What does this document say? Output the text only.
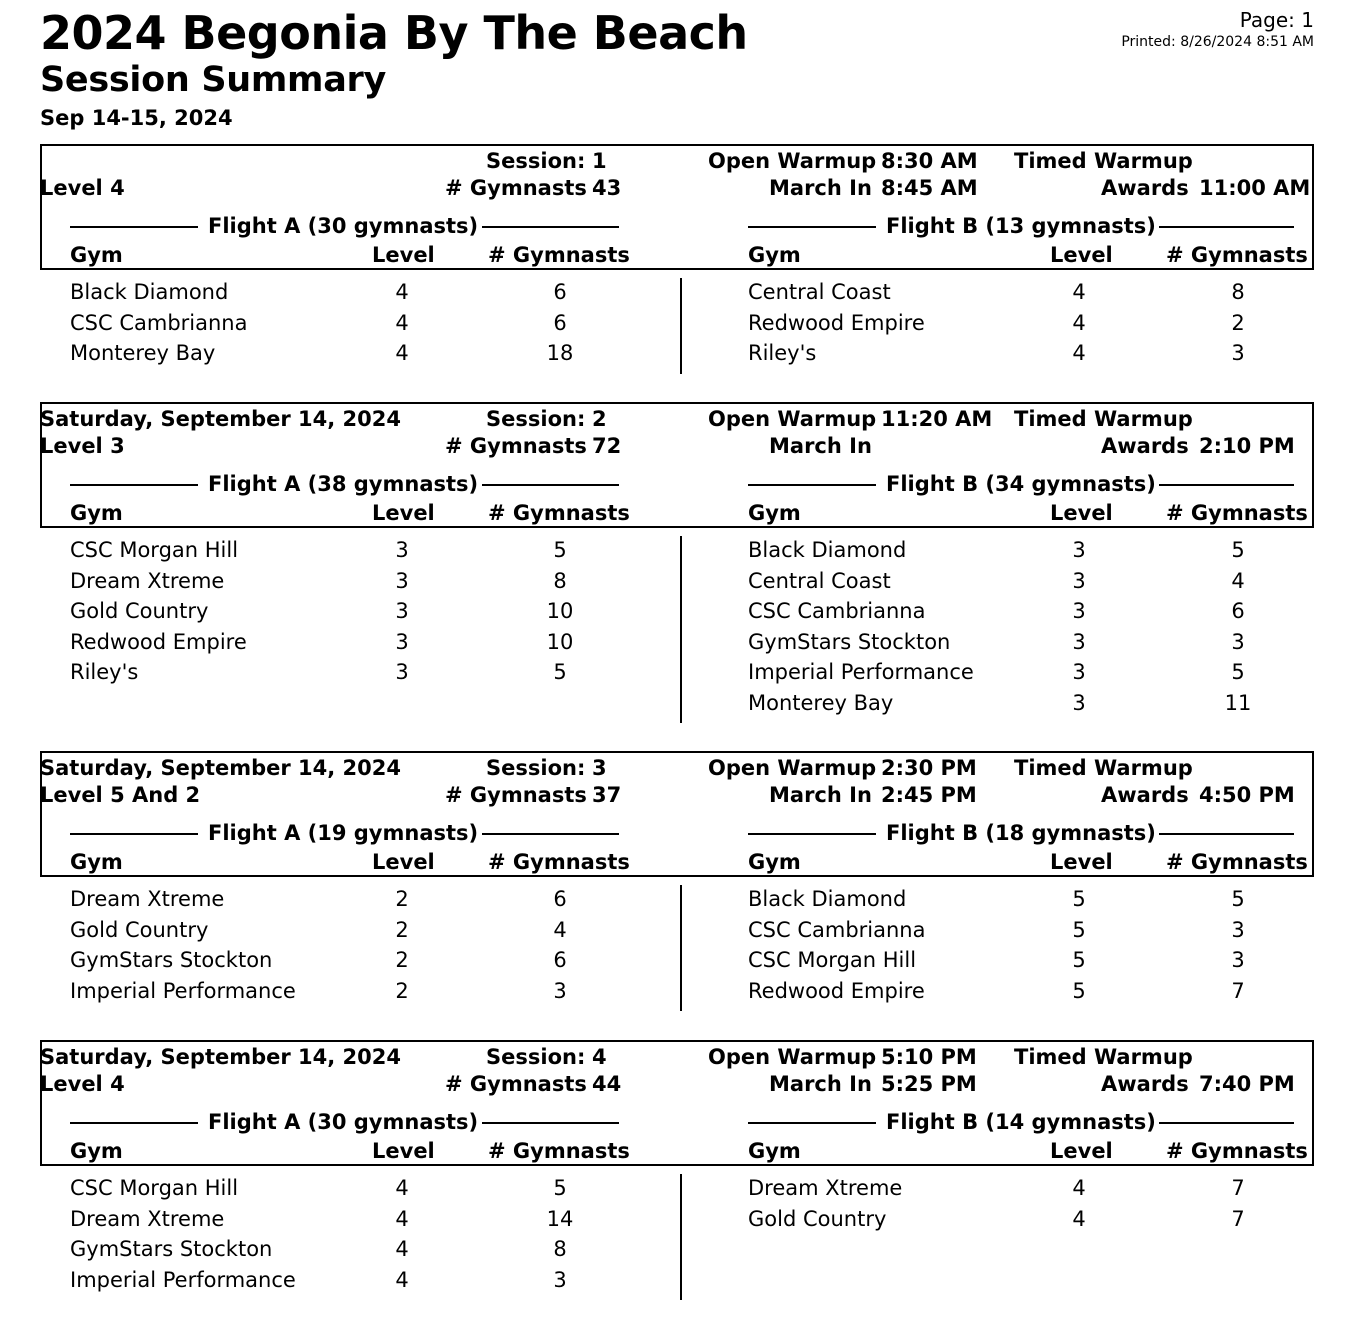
2024 Begonia By The Beach
Session Summary
Sep 14-15, 2024
Page: 1
Printed: 8/26/2024 8:51 AM
Session: 1	Open Warmup 8:30 AM Timed Warmup
Level 4	# Gymnasts 43	March In 8:45 AM	Awards 11:00 AM
Flight A (30 gymnasts)	Flight B (13 gymnasts)
Gym	Level	# Gymnasts	Gym	Level	# Gymnasts
Black Diamond	4	6
CSC Cambrianna	4	6
Monterey Bay	4	18
Central Coast	4	8
Redwood Empire	4	2
Riley's	4	3
Saturday, September 14, 2024	Session: 2	Open Warmup 11:20 AM Timed Warmup
Level 3	# Gymnasts 72	March In	Awards 2:10 PM
Flight A (38 gymnasts)	Flight B (34 gymnasts)
Gym	Level	# Gymnasts	Gym	Level	# Gymnasts
CSC Morgan Hill	3	5
Dream Xtreme	3	8
Gold Country	3	10
Redwood Empire	3	10
Riley's	3	5
Black Diamond	3	5
Central Coast	3	4
CSC Cambrianna	3	6
GymStars Stockton	3	3
Imperial Performance	3	5
Monterey Bay	3	11
Saturday, September 14, 2024	Session: 3	Open Warmup 2:30 PM Timed Warmup
Level 5 And 2	# Gymnasts 37	March In 2:45 PM	Awards 4:50 PM
Flight A (19 gymnasts)	Flight B (18 gymnasts)
Gym	Level	# Gymnasts	Gym	Level	# Gymnasts
Dream Xtreme	2	6
Gold Country	2	4
GymStars Stockton	2	6
Imperial Performance	2	3
Black Diamond	5	5
CSC Cambrianna	5	3
CSC Morgan Hill	5	3
Redwood Empire	5	7
Saturday, September 14, 2024	Session: 4	Open Warmup 5:10 PM Timed Warmup
Level 4	# Gymnasts 44	March In 5:25 PM	Awards 7:40 PM
Flight A (30 gymnasts)	Flight B (14 gymnasts)
Gym	Level	# Gymnasts	Gym	Level	# Gymnasts
CSC Morgan Hill	4	5
Dream Xtreme	4	14
GymStars Stockton	4	8
Imperial Performance	4	3
Dream Xtreme	4	7
Gold Country	4	7
